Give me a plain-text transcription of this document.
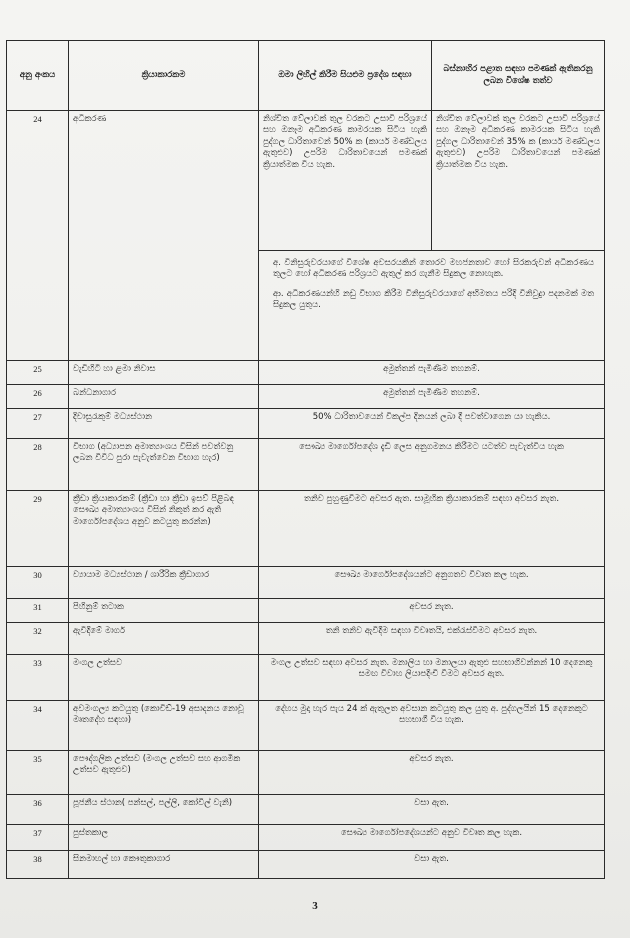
අනු අංකය	ක්‍රියාකාරකම	ඔමා ලිහිල් කිරීම සියළුම ප්‍රදේශ සඳහා	බස්නාහිර පළාත සඳහා පමණක් ඇතිකරනු ලබන විශේෂ තත්ව
24	අධිකරණ	නිශ්චිත වේලාවක් තුල වරකට උසාවි පරිශ්‍රයේ සහ ඔනෑම අධිකරණ කාමරයක සිටිය හැකි පුද්ගල ධාරිතාවෙන් 50% ක (කාර්ය මණ්ඩලය ඇතුළුව) උපරිම ධාරිතාවයෙන් පමණක් ක්‍රියාත්මක විය හැක.	නිශ්චිත වේලාවක් තුල වරකට උසාවි පරිශ්‍රයේ සහ ඔනෑම අධිකරණ කාමරයක සිටිය හැකි පුද්ගල ධාරිතාවෙන් 35% ක (කාර්ය මණ්ඩලය ඇතුළුව) උපරිම ධාරිතාවයෙන් පමණක් ක්‍රියාත්මක විය හැක.

		අ. විනිසුරුවරයාගේ විශේෂ අවසරයකින් තොරව මහජනතාව හෝ සිරකරුවන් අධිකරණය තුලට හෝ අධිකරණ පරිශ්‍රයට ඇතුල් කර ගැනීම සිදුකල නොහැක.
ආ. අධිකරණයන්හි නඩු විභාග කිරීම විනිසුරුවරයාගේ අභිමතය පරිදි විනිවුදුා පදනමක් මත සිදුකල යුතුය.	

25	වැඩිහිටි හා ළමා නිවාස	අමුත්තන් පැමිණීම තහනම්.	
26	බන්ධනාගාර	අමුත්තන් පැමිණීම තහනම්.	
27	දිවාසුරැකුම් මධ්‍යස්ථාන	50% ධාරිතාවයෙන් විකල්ප දිනයන් ලබා දී පවත්වාගෙන යා හැකිය.	
28	විභාග (අධ්‍යාපන අමාත්‍යාංශය විසින් පවත්වනු ලබන විවිධ පුරා පැවැත්වෙන විභාග හැර)	සෞඛ්‍ය මාර්ගෝපදේශ දැඩි ලෙස අනුගමනය කිරීමට යටත්ව පැවැත්විය හැක	
29	ක්‍රීඩා ක්‍රියාකාරකම් (ක්‍රීඩා හා ක්‍රීඩා ඉසව් පිළිබඳ සෞඛ්‍ය අමාත්‍යාංශය විසින් නිකුත් කර ඇති මාර්ගෝපදේශය අනුව කටයුතු කරන්න)	තනිව පුහුණුවීමට අවසර ඇත. සාමූහික ක්‍රියාකාරකම් සඳහා අවසර නැත.	
30	ව්‍යායාම මධ්‍යස්ථාන / ශාරීරික ක්‍රීඩාගාර	සෞඛ්‍ය මාර්ගෝපදේශයන්ට අනුගතව විවෘත කල හැක.	
31	පිහිනුම් තටාක	අවසර නැත.	
32	ඇවිදීමේ මාර්ග	තනි තනිව ඇවිදීම සඳහා විවෘතයි, එක්රැස්වීමට අවසර නැත.	
33	මංගල උත්සව	මංගල උත්සව සඳහා අවසර නැත. මනාලිය හා මනාලයා ඇතුළු සහභාගිවන්නන් 10 දෙනෙකු සමඟ විවාහ ලියාපදිංචි වීමට අවසර ඇත.	
34	අවමංගල්‍ය කටයුතු (කොවිඩ්-19 අසාදනය නොවූ මෘතදේහ සඳහා)	දේහය මුදා හැර පැය 24 ක් ඇතුලත අවසාන කටයුතු කල යුතු අ. පුද්ගලයින් 15 දෙනෙකුට සහභාගී විය හැක.	
35	පෞද්ගලික උත්සව (මංගල උත්සව සහ ආගමික උත්සව ඇතුළුව)	අවසර නැත.	
36	පූජනීය ස්ථාන( පන්සල්, පල්ලි, කෝවිල් වැනි)	වසා ඇත.	
37	පුස්තකාල	සෞඛ්‍ය මාර්ගෝපදේශයන්ට අනුව විවෘත කල හැක.	
38	සිනමාහල් හා කෞතුකාගාර	වසා ඇත.	
3
